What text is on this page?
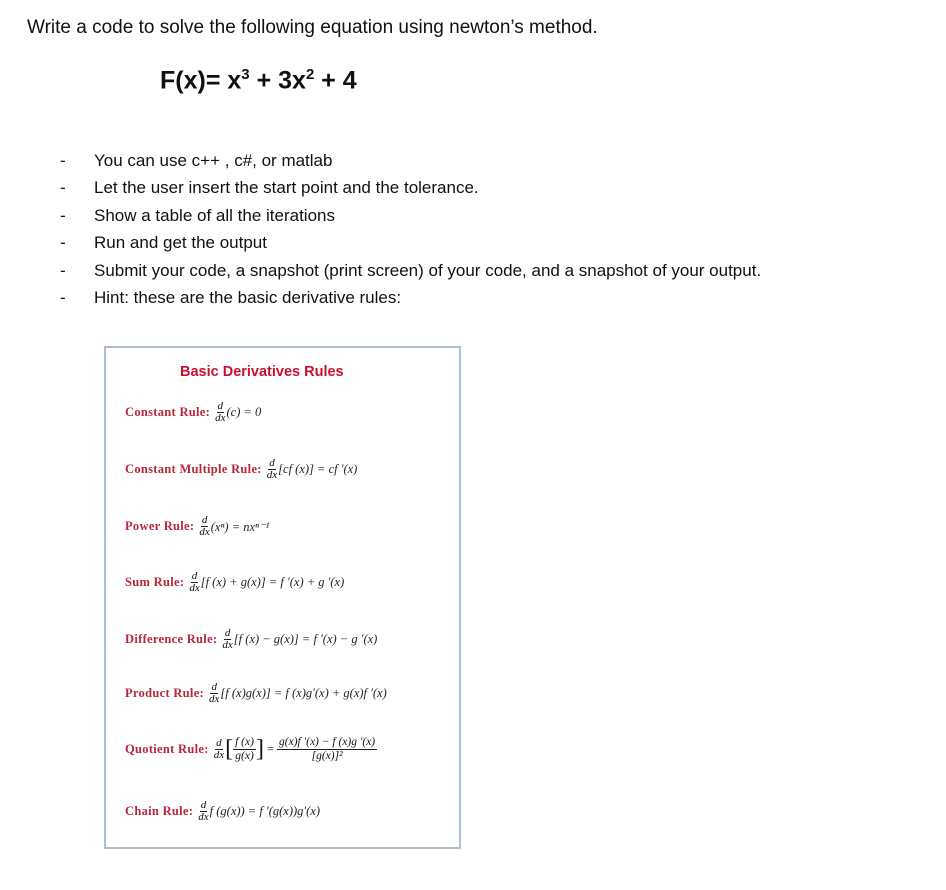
Write a code to solve the following equation using newton’s method.
$F(x)= x^3 + 3x^2 + 4$
- You can use c++ , c#, or matlab
- Let the user insert the start point and the tolerance.
- Show a table of all the iterations
- Run and get the output
- Submit your code, a snapshot (print screen) of your code, and a snapshot of your output.
- Hint: these are the basic derivative rules:
Basic Derivatives Rules
Constant Rule: $\frac{d}{dx} (c) = 0$
Constant Multiple Rule: $\frac{d}{dx} [cf$ (x)] = cf ′(x)
Power Rule: $\frac{d}{dx} (x^n) = nx^{n-1}$
Sum Rule: $\frac{d}{dx} [f$ (x) + g(x)] = f ′(x) + g ′(x)
Difference Rule: $\frac{d}{dx} [f$ (x) − g(x)] = f ′(x) − g ′(x)
Product Rule: $\frac{d}{dx} [f$ (x)g(x)] = f (x)g′(x) + g(x)f ′(x)
Quotient Rule: $\frac{d}{dx}$ [ f (x)
g(x) ] = $\frac{g(x)f '(x) - f (x)g '(x)}{\text{[g(x)]²}}$
Chain Rule: $\frac{d}{dx}$ f (g(x)) = f ′(g(x))g′(x)
